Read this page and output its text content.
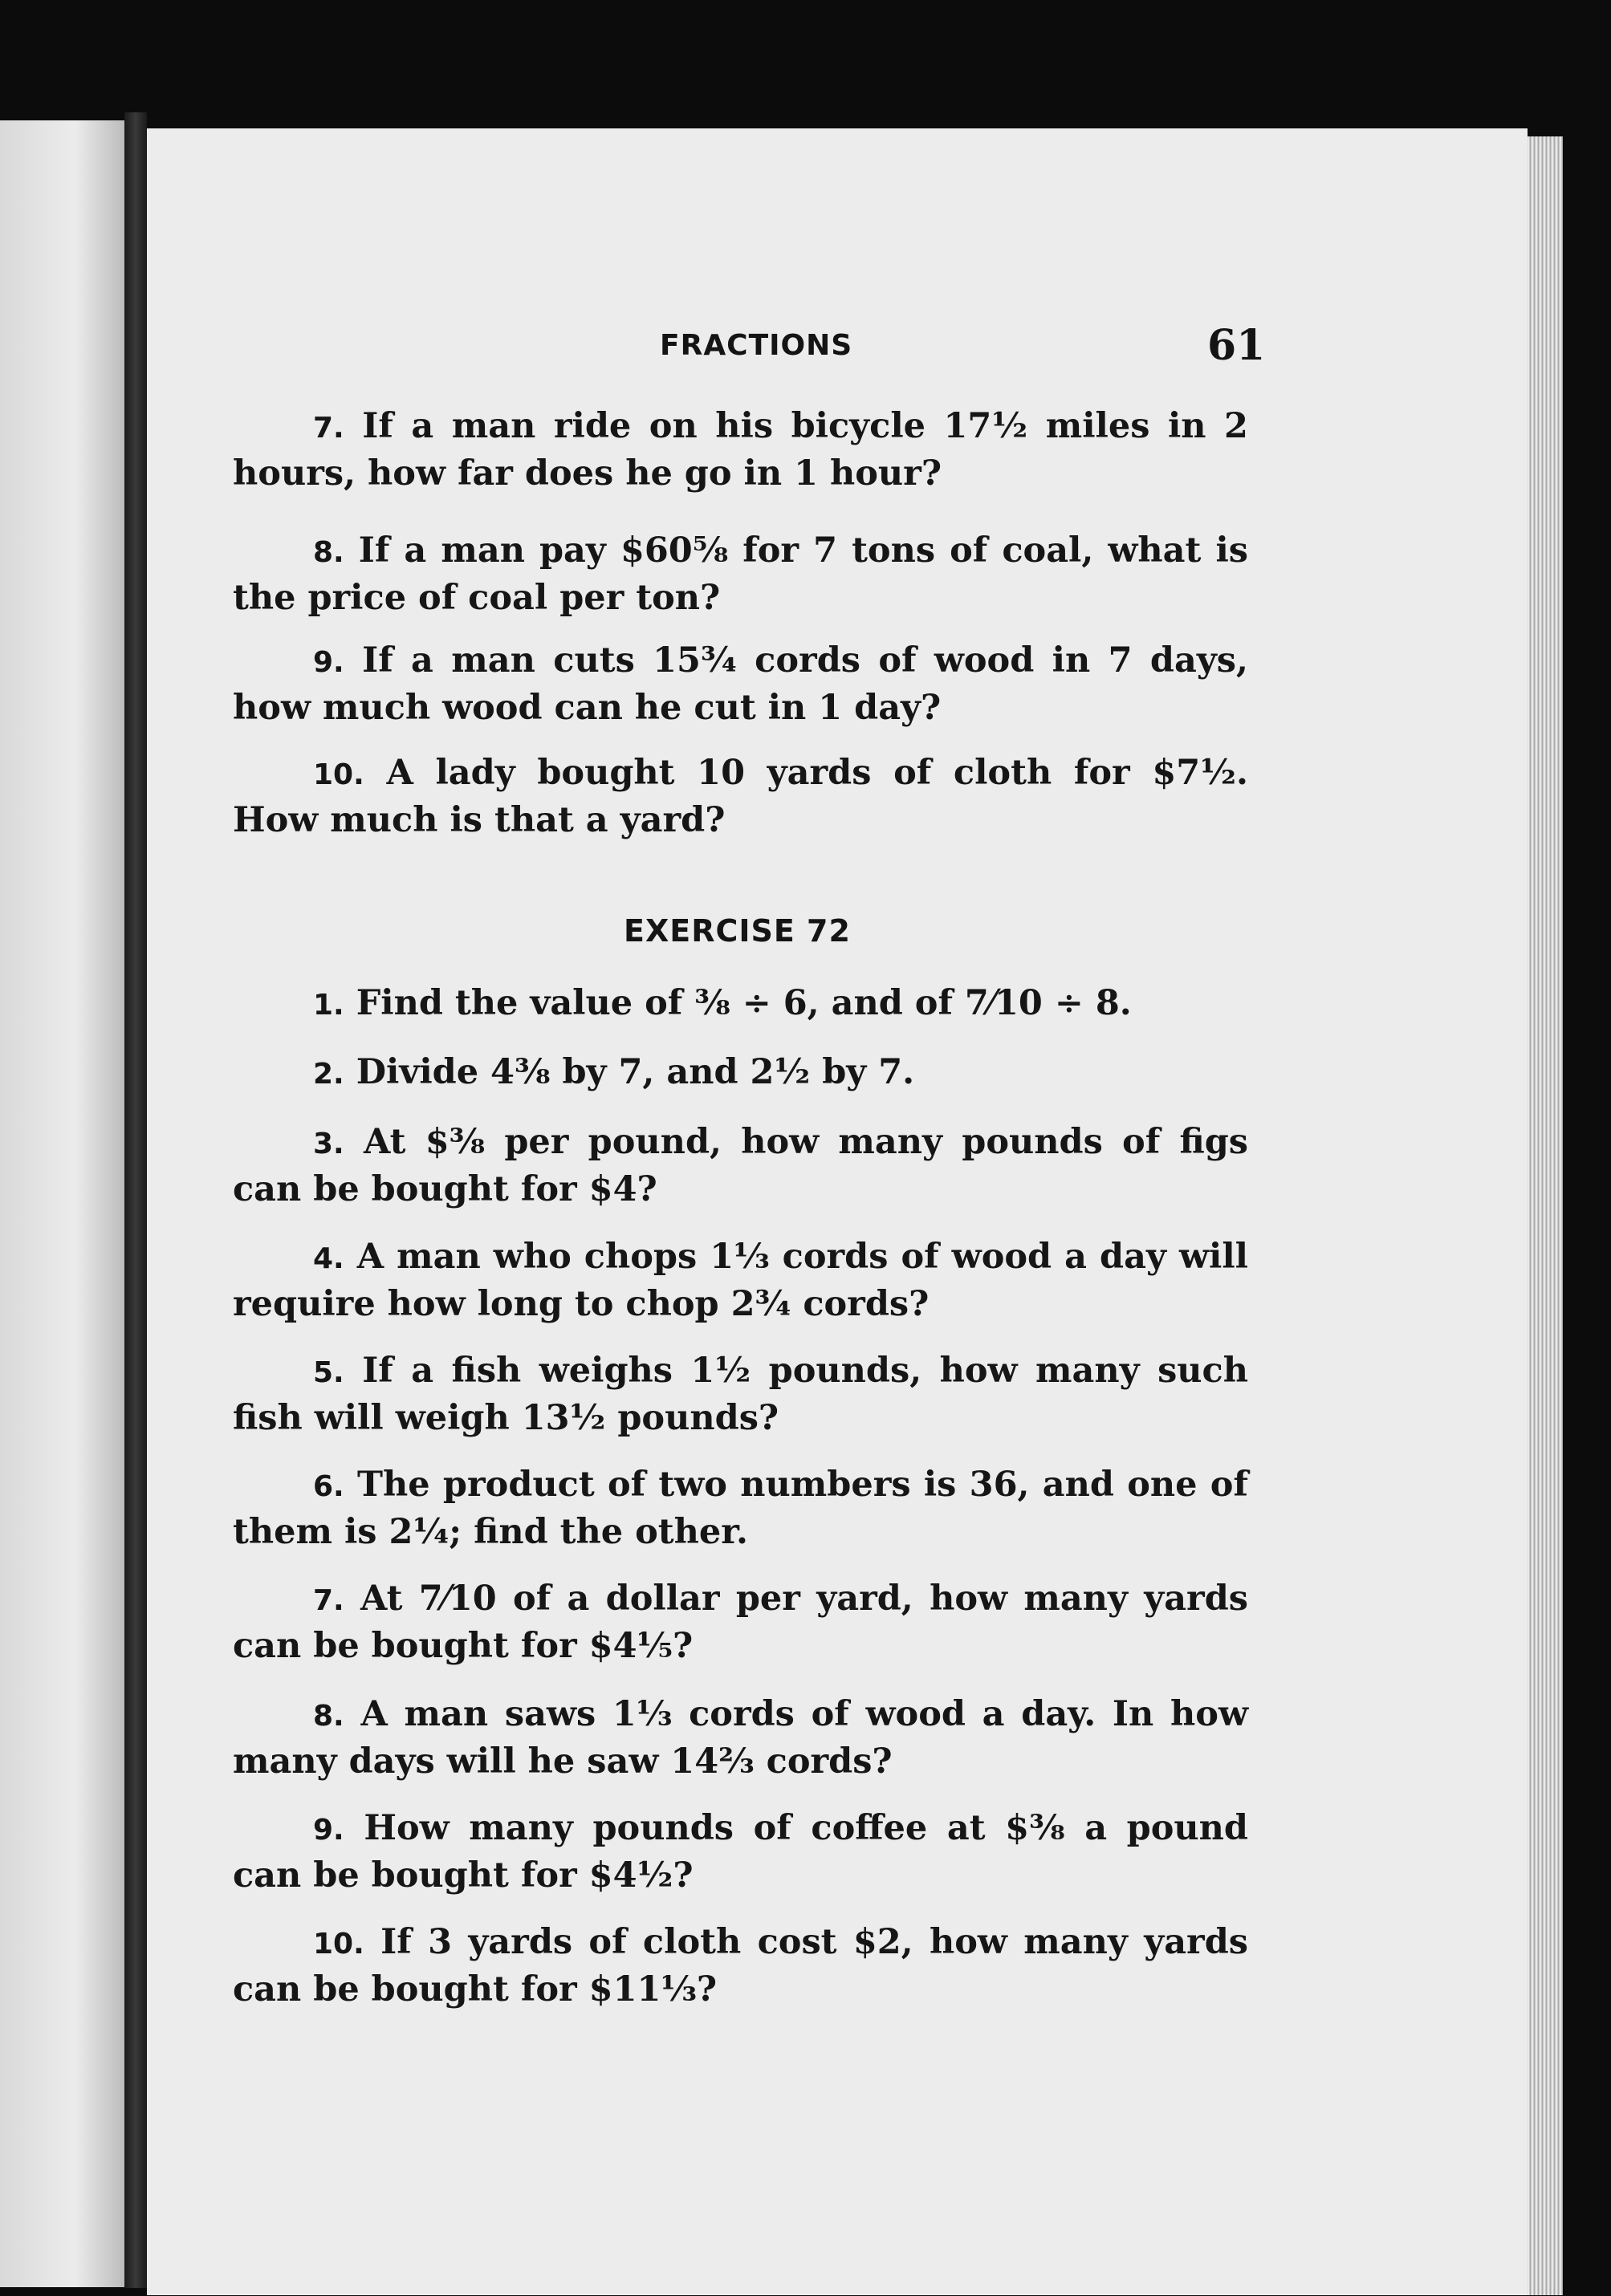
FRACTIONS	61
7. If a man ride on his bicycle 17½ miles in 2 hours, how far does he go in 1 hour?
8. If a man pay $60⅝ for 7 tons of coal, what is the price of coal per ton?
9. If a man cuts 15¾ cords of wood in 7 days, how much wood can he cut in 1 day?
10. A lady bought 10 yards of cloth for $7½. How much is that a yard?
EXERCISE 72
1. Find the value of ⅜ ÷ 6, and of 7⁄10 ÷ 8.
2. Divide 4⅜ by 7, and 2½ by 7.
3. At $⅜ per pound, how many pounds of figs can be bought for $4?
4. A man who chops 1⅓ cords of wood a day will require how long to chop 2¾ cords?
5. If a fish weighs 1½ pounds, how many such fish will weigh 13½ pounds?
6. The product of two numbers is 36, and one of them is 2¼; find the other.
7. At 7⁄10 of a dollar per yard, how many yards can be bought for $4⅕?
8. A man saws 1⅓ cords of wood a day. In how many days will he saw 14⅔ cords?
9. How many pounds of coffee at $⅜ a pound can be bought for $4½?
10. If 3 yards of cloth cost $2, how many yards can be bought for $11⅓?
